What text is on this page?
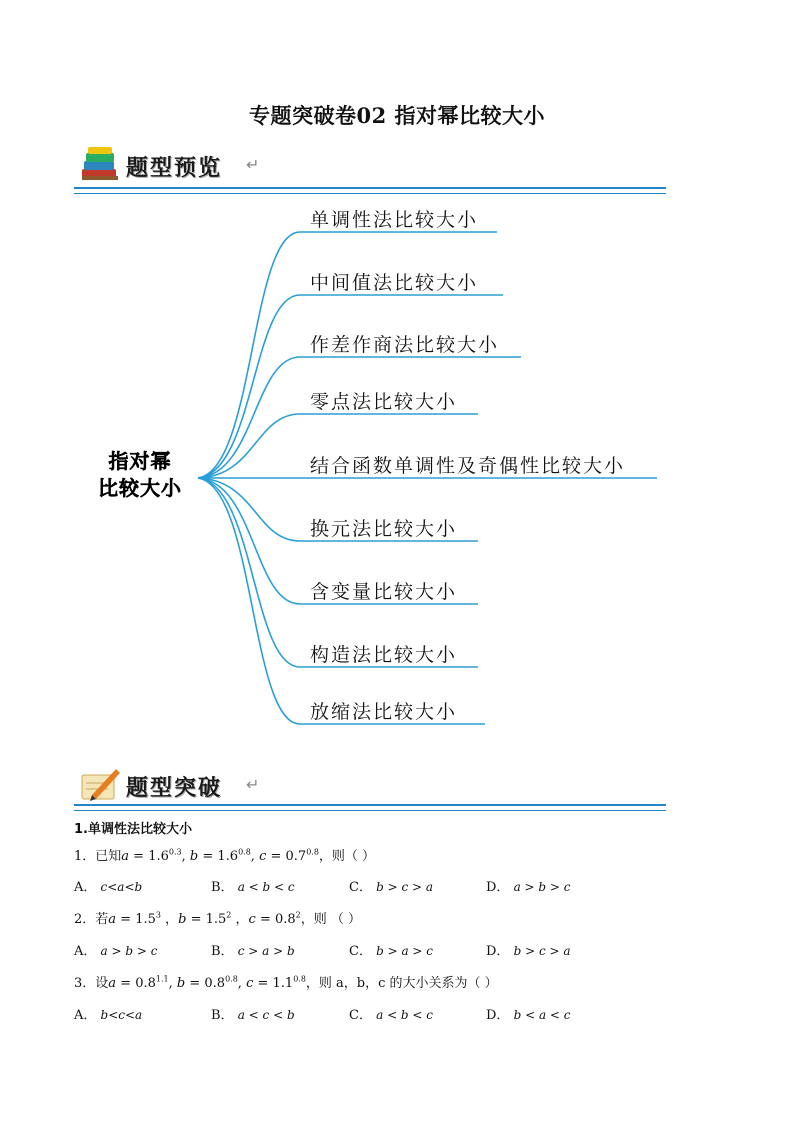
专题突破卷02 指对幂比较大小
题型预览 ↵
指对幂
比较大小
单调性法比较大小
中间值法比较大小
作差作商法比较大小
零点法比较大小
结合函数单调性及奇偶性比较大小
换元法比较大小
含变量比较大小
构造法比较大小
放缩法比较大小
题型突破 ↵
1.单调性法比较大小
1．已知$a = 1.6^{0.3}$, $b = 1.6^{0.8}$, $c = 0.7^{0.8}$，则（ ）
A． c<a<b	B． a < b < c	C． b > c > a	D． a > b > c
2．若$a = 1.5^3$ ，$b = 1.5^2$ ，$c = 0.8^2$，则 （ ）
A． a > b > c	B． c > a > b	C． b > a > c	D． b > c > a
3．设$a = 0.8^{1.1}$, $b = 0.8^{0.8}$, $c = 1.1^{0.8}$，则 a，b，c 的大小关系为（ ）
A． b<c<a	B． a < c < b	C． a < b < c	D． b < a < c
